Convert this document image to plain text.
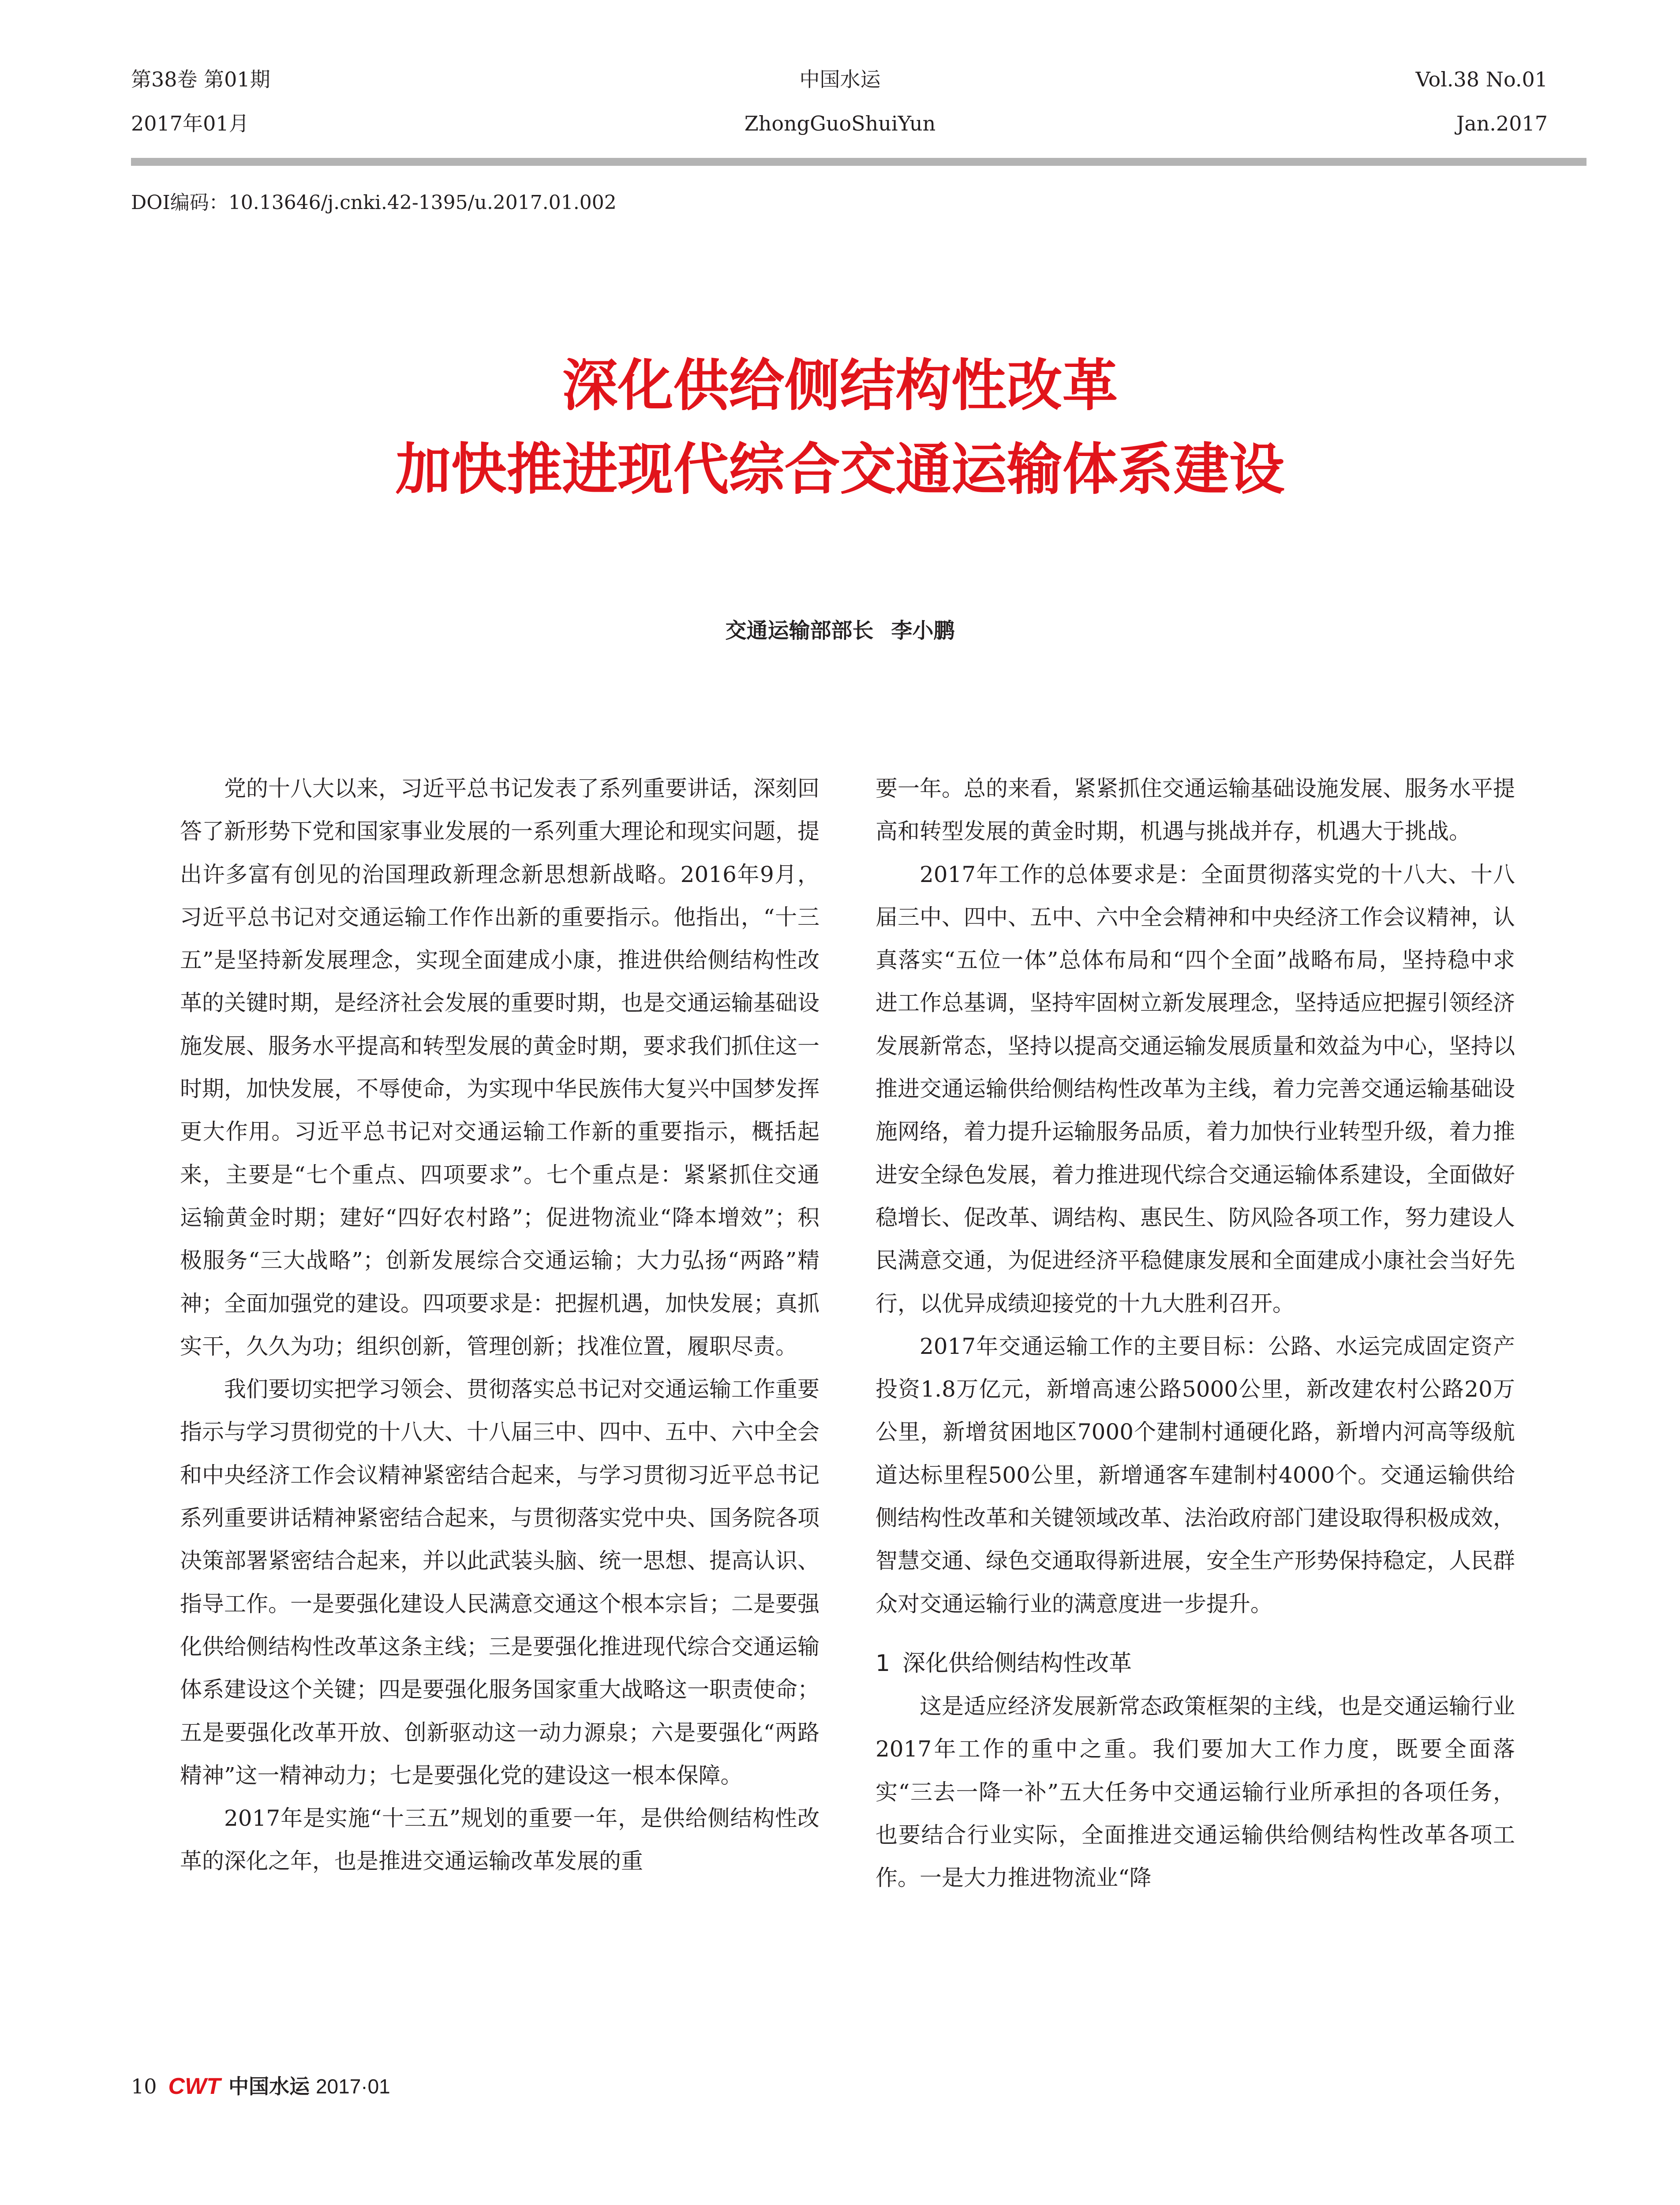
第38卷 第01期
2017年01月
中国水运
ZhongGuoShuiYun
Vol.38 No.01
Jan.2017
DOI编码：10.13646/j.cnki.42-1395/u.2017.01.002
深化供给侧结构性改革
加快推进现代综合交通运输体系建设
交通运输部部长 李小鹏

党的十八大以来，习近平总书记发表了系列重要讲话，深刻回答了新形势下党和国家事业发展的一系列重大理论和现实问题，提出许多富有创见的治国理政新理念新思想新战略。2016年9月，习近平总书记对交通运输工作作出新的重要指示。他指出，“十三五”是坚持新发展理念，实现全面建成小康，推进供给侧结构性改革的关键时期，是经济社会发展的重要时期，也是交通运输基础设施发展、服务水平提高和转型发展的黄金时期，要求我们抓住这一时期，加快发展，不辱使命，为实现中华民族伟大复兴中国梦发挥更大作用。习近平总书记对交通运输工作新的重要指示，概括起来，主要是“七个重点、四项要求”。七个重点是：紧紧抓住交通运输黄金时期；建好“四好农村路”；促进物流业“降本增效”；积极服务“三大战略”；创新发展综合交通运输；大力弘扬“两路”精神；全面加强党的建设。四项要求是：把握机遇，加快发展；真抓实干，久久为功；组织创新，管理创新；找准位置，履职尽责。

我们要切实把学习领会、贯彻落实总书记对交通运输工作重要指示与学习贯彻党的十八大、十八届三中、四中、五中、六中全会和中央经济工作会议精神紧密结合起来，与学习贯彻习近平总书记系列重要讲话精神紧密结合起来，与贯彻落实党中央、国务院各项决策部署紧密结合起来，并以此武装头脑、统一思想、提高认识、指导工作。一是要强化建设人民满意交通这个根本宗旨；二是要强化供给侧结构性改革这条主线；三是要强化推进现代综合交通运输体系建设这个关键；四是要强化服务国家重大战略这一职责使命；五是要强化改革开放、创新驱动这一动力源泉；六是要强化“两路精神”这一精神动力；七是要强化党的建设这一根本保障。

2017年是实施“十三五”规划的重要一年，是供给侧结构性改革的深化之年，也是推进交通运输改革发展的重

要一年。总的来看，紧紧抓住交通运输基础设施发展、服务水平提高和转型发展的黄金时期，机遇与挑战并存，机遇大于挑战。

2017年工作的总体要求是：全面贯彻落实党的十八大、十八届三中、四中、五中、六中全会精神和中央经济工作会议精神，认真落实“五位一体”总体布局和“四个全面”战略布局，坚持稳中求进工作总基调，坚持牢固树立新发展理念，坚持适应把握引领经济发展新常态，坚持以提高交通运输发展质量和效益为中心，坚持以推进交通运输供给侧结构性改革为主线，着力完善交通运输基础设施网络，着力提升运输服务品质，着力加快行业转型升级，着力推进安全绿色发展，着力推进现代综合交通运输体系建设，全面做好稳增长、促改革、调结构、惠民生、防风险各项工作，努力建设人民满意交通，为促进经济平稳健康发展和全面建成小康社会当好先行，以优异成绩迎接党的十九大胜利召开。

2017年交通运输工作的主要目标：公路、水运完成固定资产投资1.8万亿元，新增高速公路5000公里，新改建农村公路20万公里，新增贫困地区7000个建制村通硬化路，新增内河高等级航道达标里程500公里，新增通客车建制村4000个。交通运输供给侧结构性改革和关键领域改革、法治政府部门建设取得积极成效，智慧交通、绿色交通取得新进展，安全生产形势保持稳定，人民群众对交通运输行业的满意度进一步提升。

1 深化供给侧结构性改革

这是适应经济发展新常态政策框架的主线，也是交通运输行业2017年工作的重中之重。我们要加大工作力度，既要全面落实“三去一降一补”五大任务中交通运输行业所承担的各项任务，也要结合行业实际，全面推进交通运输供给侧结构性改革各项工作。一是大力推进物流业“降

10 CWT 中国水运 2017·01
